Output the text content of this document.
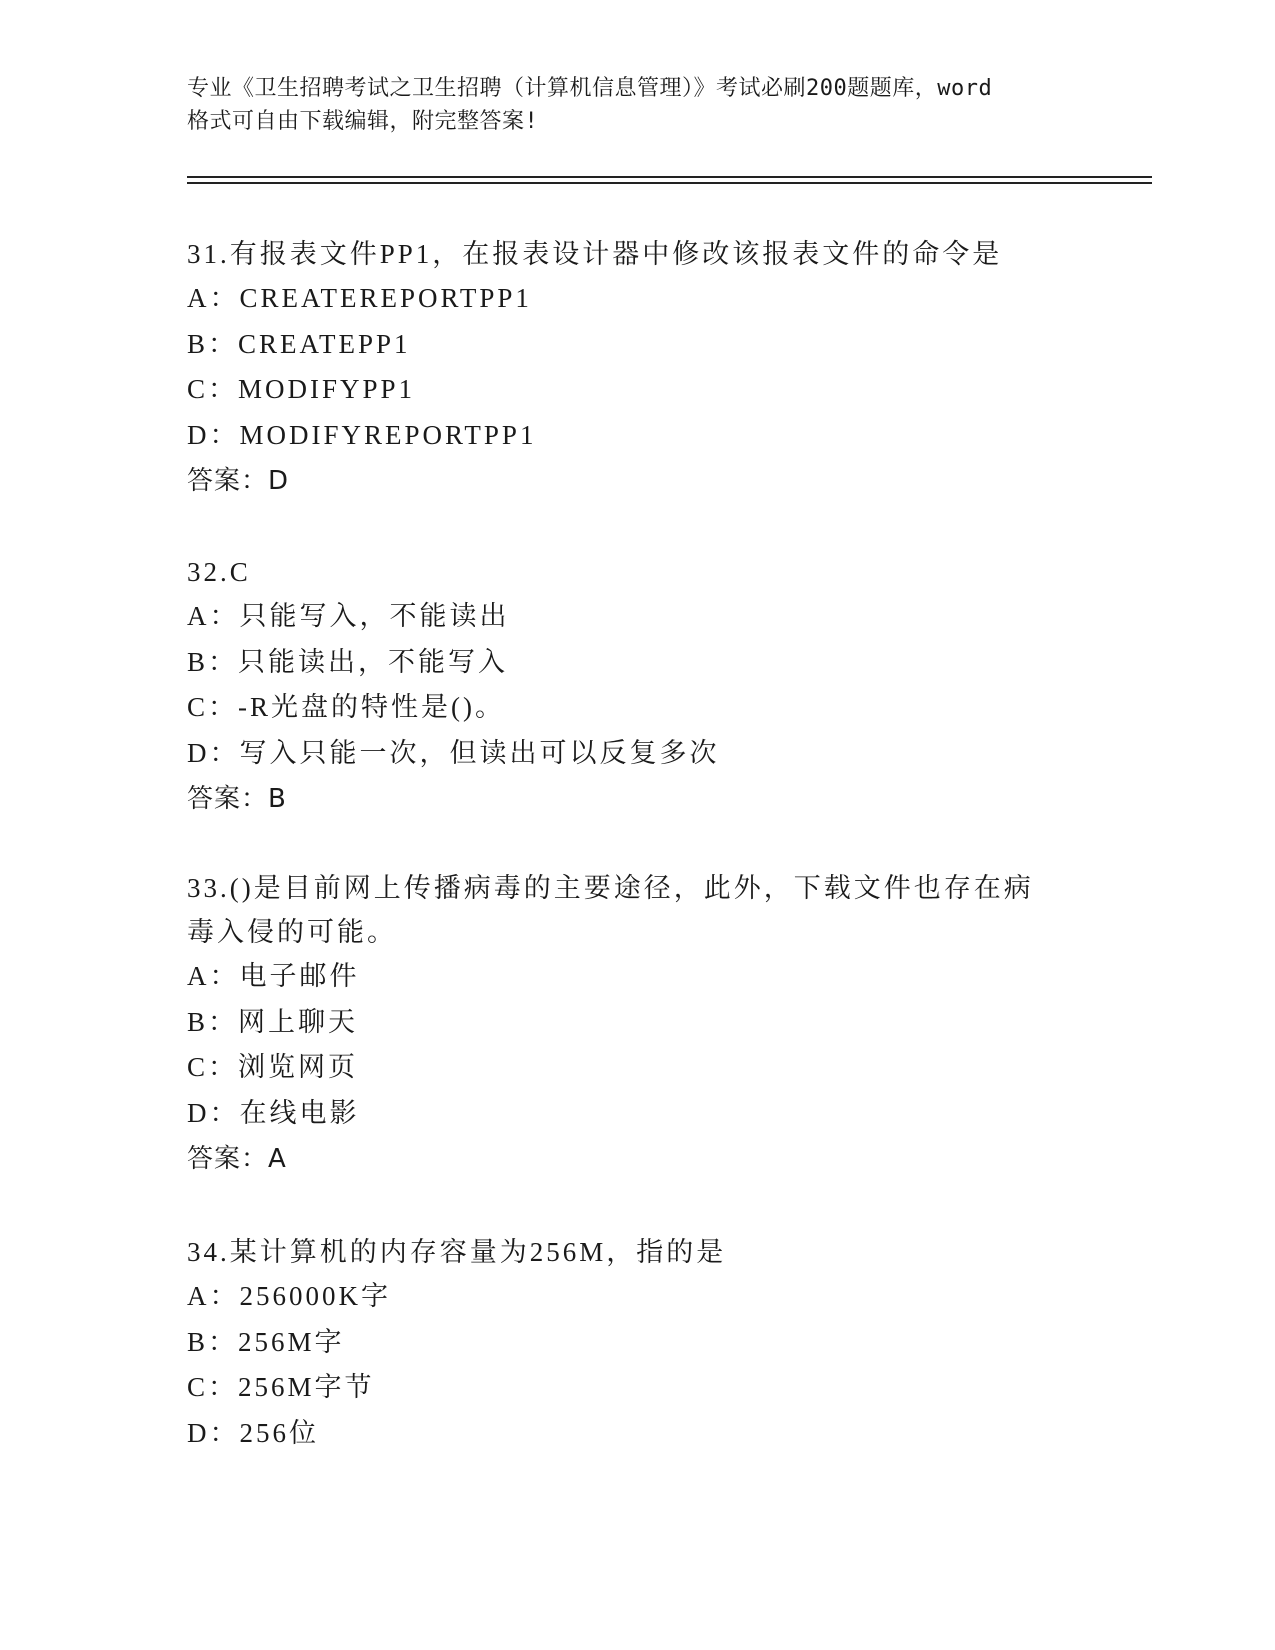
专业《卫生招聘考试之卫生招聘（计算机信息管理）》考试必刷200题题库，word
格式可自由下载编辑，附完整答案!
31.有报表文件PP1，在报表设计器中修改该报表文件的命令是
A：CREATEREPORTPP1
B：CREATEPP1
C：MODIFYPP1
D：MODIFYREPORTPP1
答案：D
32.C
A：只能写入，不能读出
B：只能读出，不能写入
C：-R光盘的特性是()。
D：写入只能一次，但读出可以反复多次
答案：B
33.()是目前网上传播病毒的主要途径，此外，下载文件也存在病毒入侵的可能。
A：电子邮件
B：网上聊天
C：浏览网页
D：在线电影
答案：A
34.某计算机的内存容量为256M，指的是
A：256000K字
B：256M字
C：256M字节
D：256位
